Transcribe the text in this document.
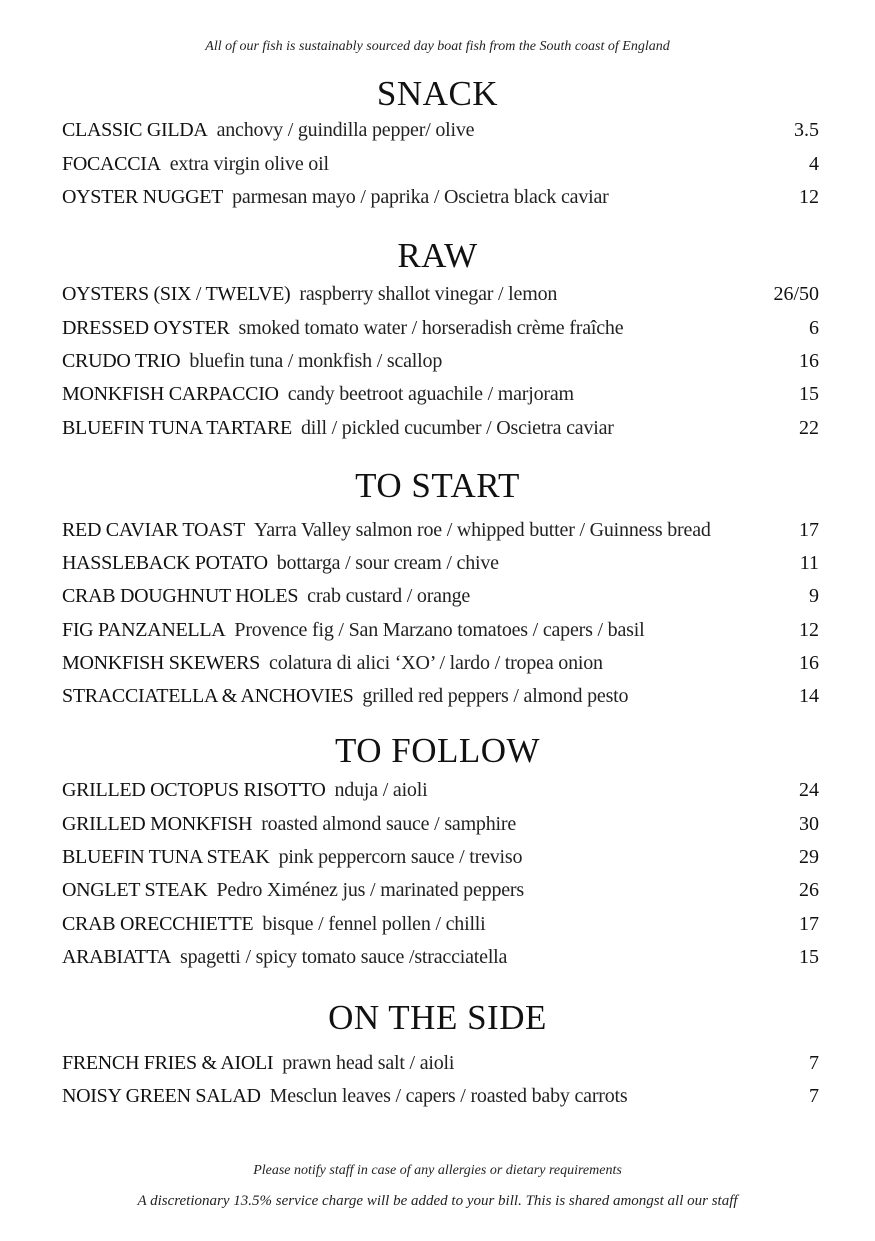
All of our fish is sustainably sourced day boat fish from the South coast of England
SNACK
CLASSIC GILDA anchovy / guindilla pepper/ olive	3.5
FOCACCIA extra virgin olive oil	4
OYSTER NUGGET parmesan mayo / paprika / Oscietra black caviar	12
RAW
OYSTERS (SIX / TWELVE) raspberry shallot vinegar / lemon	26/50
DRESSED OYSTER smoked tomato water / horseradish crème fraîche	6
CRUDO TRIO bluefin tuna / monkfish / scallop	16
MONKFISH CARPACCIO candy beetroot aguachile / marjoram	15
BLUEFIN TUNA TARTARE dill / pickled cucumber / Oscietra caviar	22
TO START
RED CAVIAR TOAST Yarra Valley salmon roe / whipped butter / Guinness bread	17
HASSLEBACK POTATO bottarga / sour cream / chive	11
CRAB DOUGHNUT HOLES crab custard / orange	9
FIG PANZANELLA Provence fig / San Marzano tomatoes / capers / basil	12
MONKFISH SKEWERS colatura di alici ‘XO’ / lardo / tropea onion	16
STRACCIATELLA & ANCHOVIES grilled red peppers / almond pesto	14
TO FOLLOW
GRILLED OCTOPUS RISOTTO nduja / aioli	24
GRILLED MONKFISH roasted almond sauce / samphire	30
BLUEFIN TUNA STEAK pink peppercorn sauce / treviso	29
ONGLET STEAK Pedro Ximénez jus / marinated peppers	26
CRAB ORECCHIETTE bisque / fennel pollen / chilli	17
ARABIATTA spagetti / spicy tomato sauce /stracciatella	15
ON THE SIDE
FRENCH FRIES & AIOLI prawn head salt / aioli	7
NOISY GREEN SALAD Mesclun leaves / capers / roasted baby carrots	7
Please notify staff in case of any allergies or dietary requirements
A discretionary 13.5% service charge will be added to your bill. This is shared amongst all our staff
